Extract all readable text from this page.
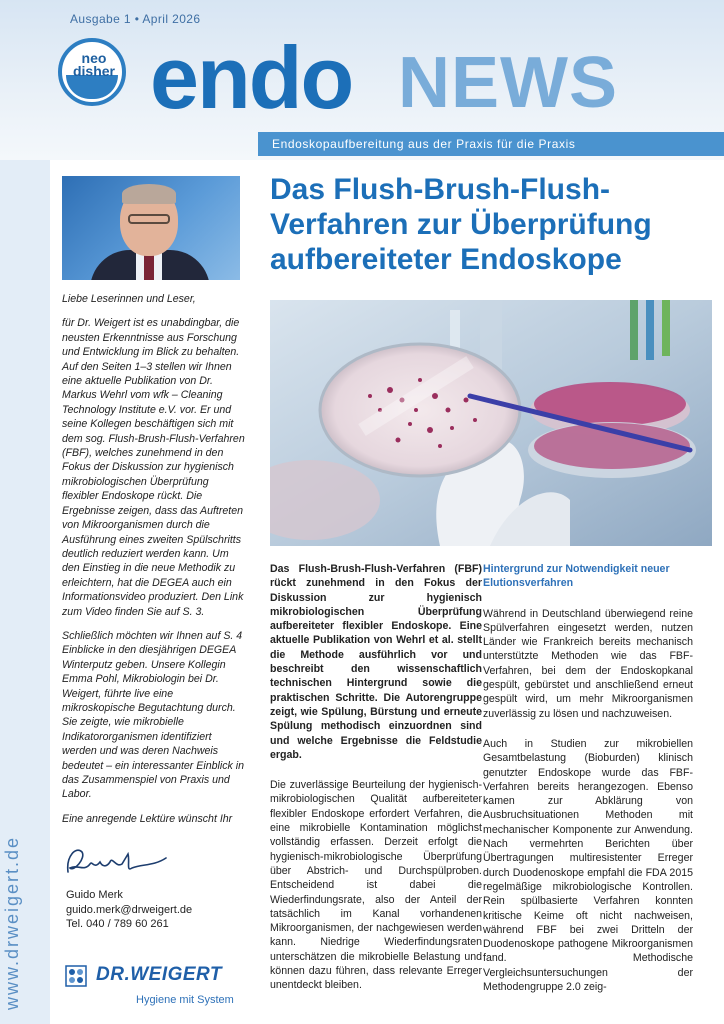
Ausgabe 1 • April 2026
neo
disher endo NEWS
Endoskopaufbereitung aus der Praxis für die Praxis
www.drweigert.de

Liebe Leserinnen und Leser,

für Dr. Weigert ist es unabdingbar, die neusten Erkenntnisse aus Forschung und Entwicklung im Blick zu behalten. Auf den Seiten 1–3 stellen wir Ihnen eine aktuelle Publikation von Dr. Markus Wehrl vom wfk – Cleaning Technology Institute e.V. vor. Er und seine Kollegen beschäftigen sich mit dem sog. Flush-Brush-Flush-Verfahren (FBF), welches zunehmend in den Fokus der Diskussion zur hygienisch mikrobiologischen Überprüfung flexibler Endoskope rückt. Die Ergebnisse zeigen, dass das Auftreten von Mikroorganismen durch die Ausführung eines zweiten Spülschritts deutlich reduziert werden kann. Um den Einstieg in die neue Methodik zu erleichtern, hat die DEGEA auch ein Informationsvideo produziert. Den Link zum Video finden Sie auf S. 3.

Schließlich möchten wir Ihnen auf S. 4 Einblicke in den diesjährigen DEGEA Winterputz geben. Unsere Kollegin Emma Pohl, Mikrobiologin bei Dr. Weigert, führte live eine mikroskopische Begutachtung durch. Sie zeigte, wie mikrobielle Indikatororganismen identifiziert werden und was deren Nachweis bedeutet – ein interessanter Einblick in das Zusammenspiel von Praxis und Labor.

Eine anregende Lektüre wünscht Ihr

Guido Merk
guido.merk@drweigert.de
Tel. 040 / 789 60 261
DR.WEIGERT
Hygiene mit System
Das Flush-Brush-Flush-Verfahren zur Überprüfung aufbereiteter Endoskope

Das Flush-Brush-Flush-Verfahren (FBF) rückt zunehmend in den Fokus der Diskussion zur hygienisch mikrobiologischen Überprüfung aufbereiteter flexibler Endoskope. Eine aktuelle Publikation von Wehrl et al. stellt die Methode ausführlich vor und beschreibt den wissenschaftlich technischen Hintergrund sowie die praktischen Schritte. Die Autorengruppe zeigt, wie Spülung, Bürstung und erneute Spülung methodisch einzuordnen sind und welche Ergebnisse die Feldstudie ergab.

Die zuverlässige Beurteilung der hygienisch-mikrobiologischen Qualität aufbereiteter flexibler Endoskope erfordert Verfahren, die eine mikrobielle Kontamination möglichst vollständig erfassen. Derzeit erfolgt die hygienisch-mikrobiologische Überprüfung über Abstrich- und Durchspülproben. Entscheidend ist dabei die Wiederfindungsrate, also der Anteil der tatsächlich im Kanal vorhandenen Mikroorganismen, der nachgewiesen werden kann. Niedrige Wiederfindungsraten unterschätzen die mikrobielle Belastung und können dazu führen, dass relevante Erreger unentdeckt bleiben.

Hintergrund zur Notwendigkeit neuer Elutionsverfahren

Während in Deutschland überwiegend reine Spülverfahren eingesetzt werden, nutzen Länder wie Frankreich bereits mechanisch unterstützte Methoden wie das FBF-Verfahren, bei dem der Endoskopkanal gespült, gebürstet und anschließend erneut gespült wird, um mehr Mikroorganismen zuverlässig zu lösen und nachzuweisen.

Auch in Studien zur mikrobiellen Gesamtbelastung (Bioburden) klinisch genutzter Endoskope wurde das FBF-Verfahren bereits herangezogen. Ebenso kamen zur Abklärung von Ausbruchsituationen Methoden mit mechanischer Komponente zur Anwendung. Nach vermehrten Berichten über Übertragungen multiresistenter Erreger durch Duodenoskope empfahl die FDA 2015 regelmäßige mikrobiologische Kontrollen. Rein spülbasierte Verfahren konnten kritische Keime oft nicht nachweisen, während FBF bei zwei Dritteln der Duodenoskope pathogene Mikroorganismen fand. Methodische Vergleichsuntersuchungen der Methodengruppe 2.0 zeig-
